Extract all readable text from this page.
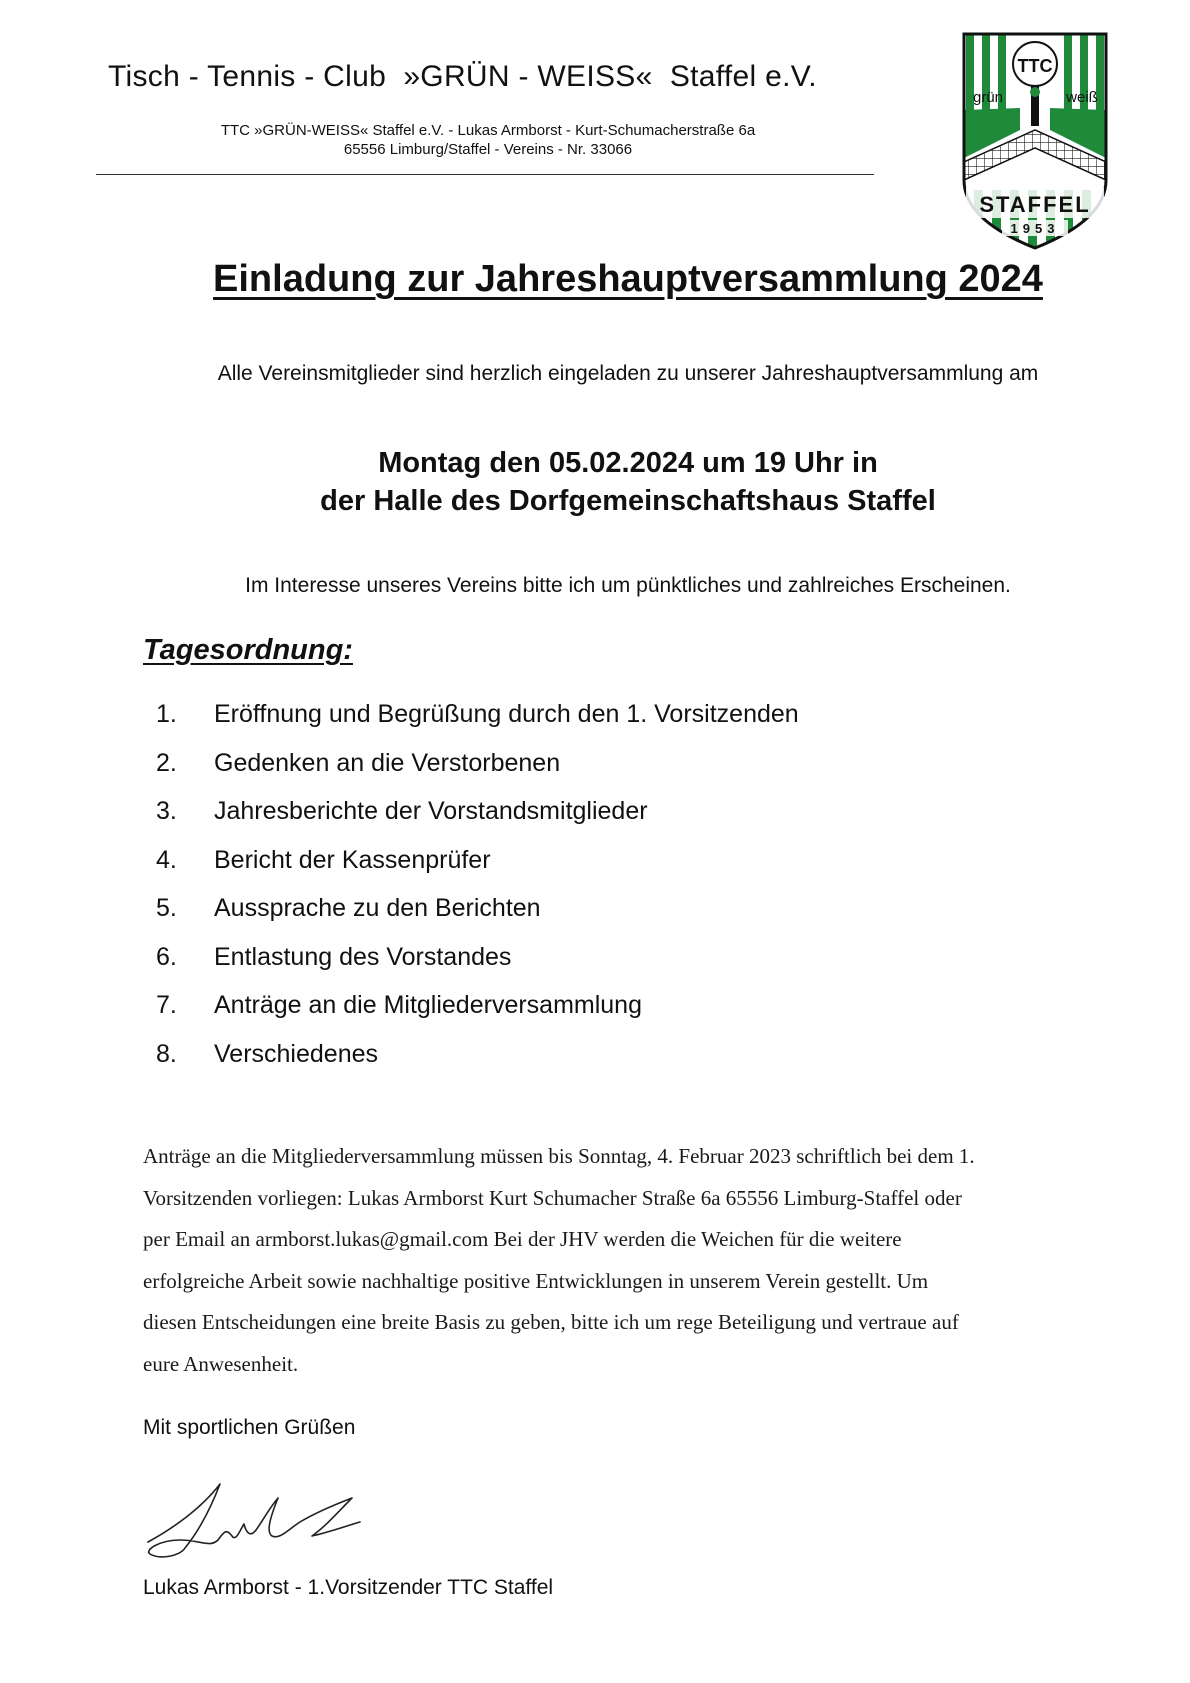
Tisch - Tennis - Club  »GRÜN - WEISS«  Staffel e.V.
TTC »GRÜN-WEISS« Staffel e.V. - Lukas Armborst - Kurt-Schumacherstraße 6a
65556 Limburg/Staffel - Vereins - Nr. 33066
TTC
grün	weiß
STAFFEL
1953
Einladung zur Jahreshauptversammlung 2024
Alle Vereinsmitglieder sind herzlich eingeladen zu unserer Jahreshauptversammlung am
Montag den 05.02.2024 um 19 Uhr in
der Halle des Dorfgemeinschaftshaus Staffel
Im Interesse unseres Vereins bitte ich um pünktliches und zahlreiches Erscheinen.
Tagesordnung:
1.	Eröffnung und Begrüßung durch den 1. Vorsitzenden
2.	Gedenken an die Verstorbenen
3.	Jahresberichte der Vorstandsmitglieder
4.	Bericht der Kassenprüfer
5.	Aussprache zu den Berichten
6.	Entlastung des Vorstandes
7.	Anträge an die Mitgliederversammlung
8.	Verschiedenes
Anträge an die Mitgliederversammlung müssen bis Sonntag, 4. Februar 2023 schriftlich bei dem 1.
Vorsitzenden vorliegen: Lukas Armborst Kurt Schumacher Straße 6a 65556 Limburg-Staffel oder
per Email an armborst.lukas@gmail.com Bei der JHV werden die Weichen für die weitere
erfolgreiche Arbeit sowie nachhaltige positive Entwicklungen in unserem Verein gestellt. Um
diesen Entscheidungen eine breite Basis zu geben, bitte ich um rege Beteiligung und vertraue auf
eure Anwesenheit.
Mit sportlichen Grüßen
Lukas Armborst - 1.Vorsitzender TTC Staffel
